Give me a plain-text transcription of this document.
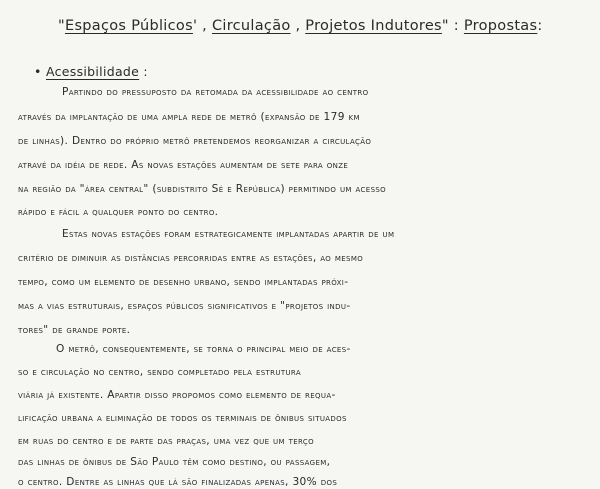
"Espaços Públicos' , Circulação , Projetos Indutores" : Propostas:
• Acessibilidade :
Partindo do pressuposto da retomada da acessibilidade ao centro
através da implantação de uma ampla rede de metrô (expansão de 179 km
de linhas). Dentro do próprio metrô pretendemos reorganizar a circulação
atravé da idéia de rede. As novas estações aumentam de sete para onze
na região da "área central" (subdistrito Sé e República) permitindo um acesso
rápido e fácil a qualquer ponto do centro.
Estas novas estações foram estrategicamente implantadas apartir de um
critério de diminuir as distâncias percorridas entre as estações, ao mesmo
tempo, como um elemento de desenho urbano, sendo implantadas próxi-
mas a vias estruturais, espaços públicos significativos e "projetos indu-
tores" de grande porte.
O metrô, consequentemente, se torna o principal meio de aces-
so e circulação no centro, sendo completado pela estrutura
viária já existente. Apartir disso propomos como elemento de requa-
lificação urbana a eliminação de todos os terminais de ônibus situados
em ruas do centro e de parte das praças, uma vez que um terço
das linhas de ônibus de São Paulo têm como destino, ou passagem,
o centro. Dentre as linhas que lá são finalizadas apenas, 30% dos
